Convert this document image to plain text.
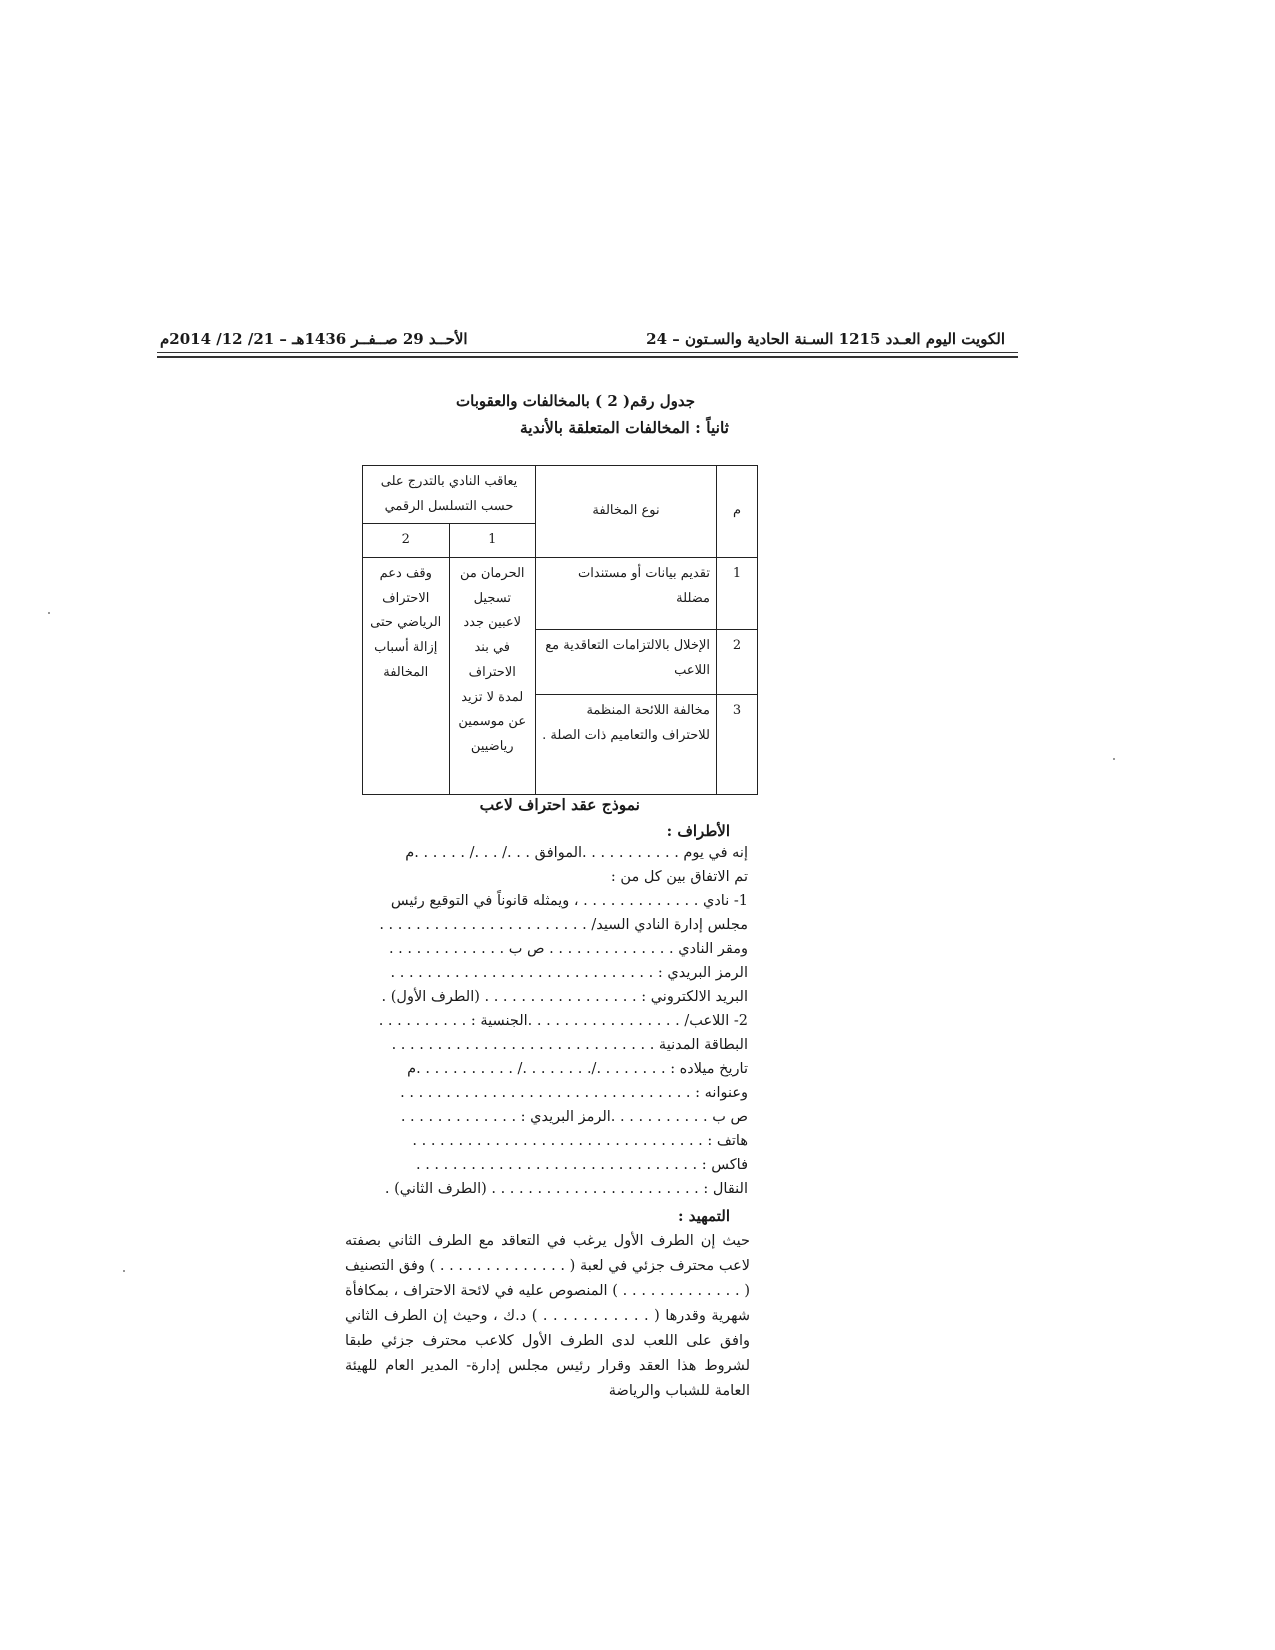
الكويت اليوم العـدد 1215 السـنة الحادية والسـتون – 24
الأحــد 29 صــفــر 1436هـ – 21/ 12/ 2014م
جدول رقم( 2 ) بالمخالفات والعقوبات
ثانياً : المخالفات المتعلقة بالأندية
م	نوع المخالفة	يعاقب النادي بالتدرج على حسب التسلسل الرقمي	
		1	2
1	تقديم بيانات أو مستندات مضللة	الحرمان من تسجيل لاعبين جدد في بند الاحتراف لمدة لا تزيد عن موسمين رياضيين	وقف دعم الاحتراف الرياضي حتى إزالة أسباب المخالفة
2	الإخلال بالالتزامات التعاقدية مع اللاعب		
3	مخالفة اللائحة المنظمة للاحتراف والتعاميم ذات الصلة .		
نموذج عقد احتراف لاعب
الأطراف :
إنه في يوم . . . . . . . . . . .الموافق . . ./ . . ./ . . . . . .م
تم الاتفاق بين كل من :
1- نادي . . . . . . . . . . . . . ، ويمثله قانوناً في التوقيع رئيس
مجلس إدارة النادي السيد/ . . . . . . . . . . . . . . . . . . . . . . .
ومقر النادي . . . . . . . . . . . . . . ص ب . . . . . . . . . . . . .
الرمز البريدي : . . . . . . . . . . . . . . . . . . . . . . . . . . . . .
البريد الالكتروني : . . . . . . . . . . . . . . . . . (الطرف الأول) .
2- اللاعب/ . . . . . . . . . . . . . . . . .الجنسية : . . . . . . . . . .
البطاقة المدنية . . . . . . . . . . . . . . . . . . . . . . . . . . . . .
تاريخ ميلاده : . . . . . . . ./. . . . . . . ./ . . . . . . . . . . .م
وعنوانه : . . . . . . . . . . . . . . . . . . . . . . . . . . . . . . . .
ص ب . . . . . . . . . . .الرمز البريدي : . . . . . . . . . . . . .
هاتف : . . . . . . . . . . . . . . . . . . . . . . . . . . . . . . . .
فاكس : . . . . . . . . . . . . . . . . . . . . . . . . . . . . . . .
النقال : . . . . . . . . . . . . . . . . . . . . . . . (الطرف الثاني) .
التمهيد :
حيث إن الطرف الأول يرغب في التعاقد مع الطرف الثاني بصفته لاعب محترف جزئي في لعبة ( . . . . . . . . . . . . . . ) وفق التصنيف ( . . . . . . . . . . . . . ) المنصوص عليه في لائحة الاحتراف ، بمكافأة شهرية وقدرها ( . . . . . . . . . . . ) د.ك ، وحيث إن الطرف الثاني وافق على اللعب لدى الطرف الأول كلاعب محترف جزئي طبقا لشروط هذا العقد وقرار رئيس مجلس إدارة- المدير العام للهيئة العامة للشباب والرياضة
